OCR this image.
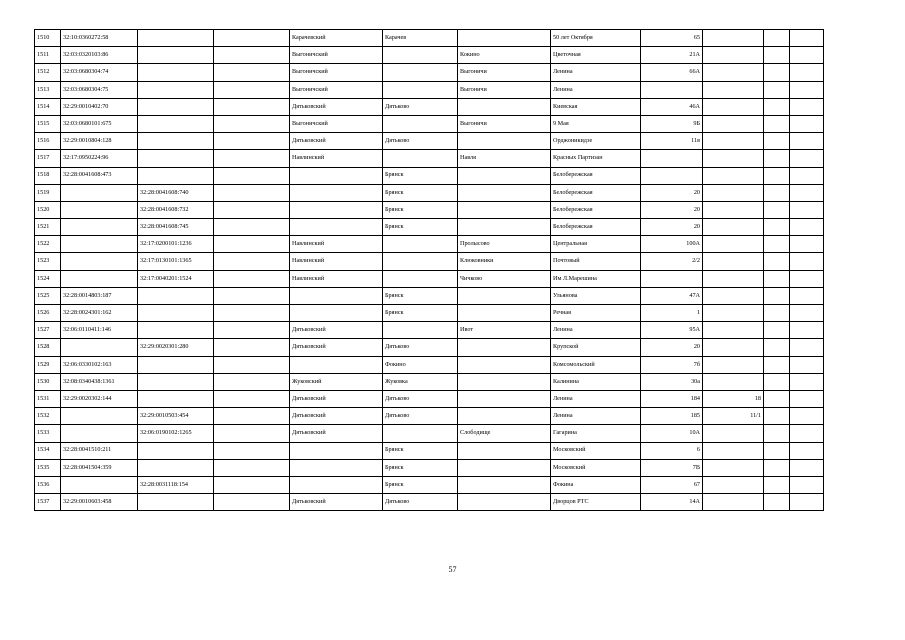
1510	32:10:0360272:58			Карачевский	Карачев		50 лет Октября	65			
1511	32:03:0320103:86			Выгоничский		Кокино	Цветочная	21А			
1512	32:03:0680304:74			Выгоничский		Выгоничи	Ленина	66А			
1513	32:03:0680304:75			Выгоничский		Выгоничи	Ленина				
1514	32:29:0010402:70			Дятьковский	Дятьково		Киевская	46А			
1515	32:03:0680101:675			Выгоничский		Выгоничи	9 Мая	9Б			
1516	32:29:0010804:128			Дятьковский	Дятьково		Орджоникидзе	11в			
1517	32:17:0950224:96			Навлинский		Навля	Красных Партизан				
1518	32:28:0041608:473				Брянск		Белобережская				
1519		32:28:0041608:740			Брянск		Белобережская	20			
1520		32:28:0041608:732			Брянск		Белобережская	20			
1521		32:28:0041608:745			Брянск		Белобережская	20			
1522		32:17:0200101:1236		Навлинский		Пролысово	Центральная	100А			
1523		32:17:0130101:1365		Навлинский		Клюковники	Почтовый	2/2			
1524		32:17:0040201:1524		Навлинский		Чичково	Им Л.Марешина				
1525	32:28:0014803:187				Брянск		Ульянова	47А			
1526	32:28:0024301:162				Брянск		Речная	1			
1527	32:06:0110411:146			Дятьковский		Ивот	Ленина	95А			
1528		32:29:0020301:280		Дятьковский	Дятьково		Крупской	20			
1529	32:06:0330102:163				Фокино		Комсомольский	7б			
1530	32:08:0340438:1361			Жуковский	Жуковка		Калинина	30а			
1531	32:29:0020302:144			Дятьковский	Дятьково		Ленина	184	18		
1532		32:29:0010503:454		Дятьковский	Дятьково		Ленина	185	11/1		
1533		32:06:0190102:1265		Дятьковский		Слободище	Гагарина	10А			
1534	32:28:0041510:211				Брянск		Московский	6			
1535	32:28:0041504:359				Брянск		Московский	7В			
1536		32:28:0031118:154			Брянск		Фокина	67			
1537	32:29:0010603:458			Дятьковский	Дятьково		Дворцов РТС	14А			
57
